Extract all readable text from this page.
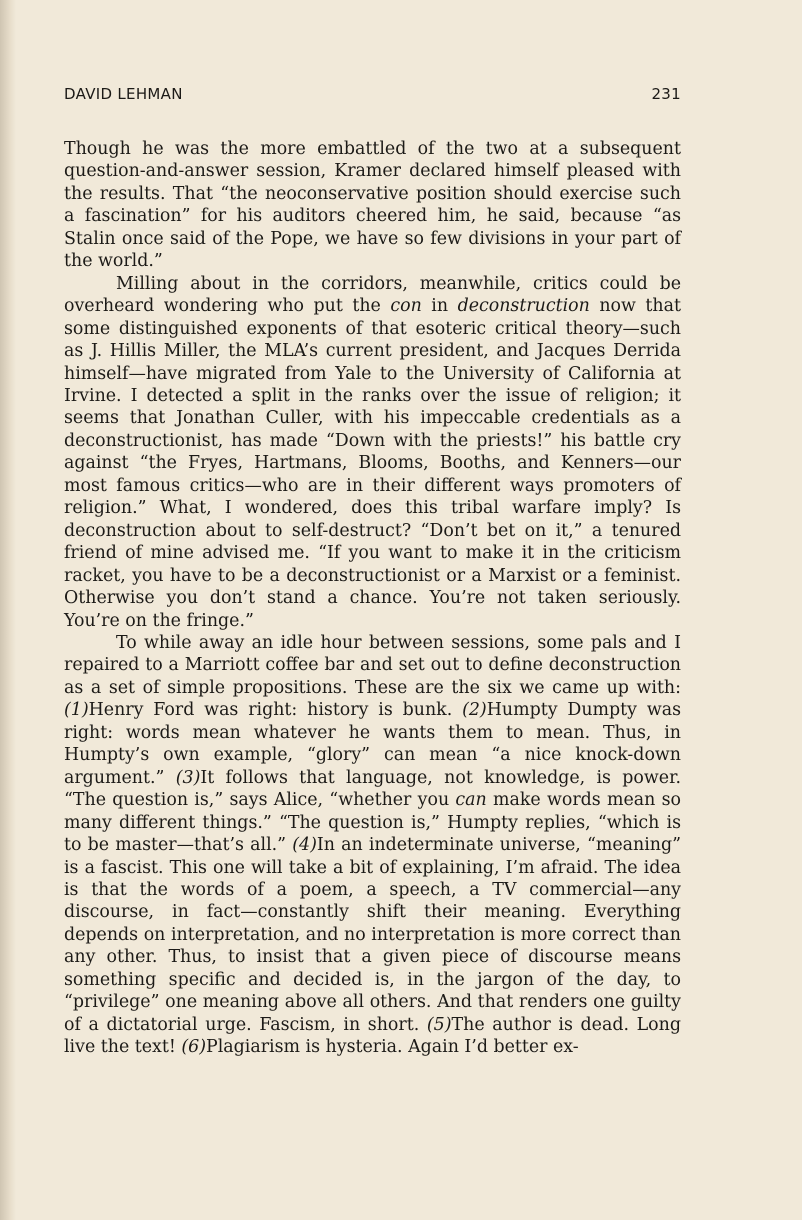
DAVID LEHMAN	231

Though he was the more embattled of the two at a subsequent question-and-answer session, Kramer declared himself pleased with the results. That “the neoconservative position should exercise such a fascination” for his auditors cheered him, he said, because “as Stalin once said of the Pope, we have so few divisions in your part of the world.”

Milling about in the corridors, meanwhile, critics could be overheard wondering who put the con in deconstruction now that some distinguished exponents of that esoteric critical theory—such as J. Hillis Miller, the MLA’s current president, and Jacques Derrida himself—have migrated from Yale to the University of California at Irvine. I detected a split in the ranks over the issue of religion; it seems that Jonathan Culler, with his impeccable credentials as a deconstructionist, has made “Down with the priests!” his battle cry against “the Fryes, Hartmans, Blooms, Booths, and Kenners—our most famous critics—who are in their different ways promoters of religion.” What, I wondered, does this tribal warfare imply? Is deconstruction about to self-destruct? “Don’t bet on it,” a tenured friend of mine advised me. “If you want to make it in the criticism racket, you have to be a deconstructionist or a Marxist or a feminist. Otherwise you don’t stand a chance. You’re not taken seriously. You’re on the fringe.”

To while away an idle hour between sessions, some pals and I repaired to a Marriott coffee bar and set out to define deconstruction as a set of simple propositions. These are the six we came up with: (1)Henry Ford was right: history is bunk. (2)Humpty Dumpty was right: words mean whatever he wants them to mean. Thus, in Humpty’s own example, “glory” can mean “a nice knock-down argument.” (3)It follows that language, not knowledge, is power. “The question is,” says Alice, “whether you can make words mean so many different things.” “The question is,” Humpty replies, “which is to be master—that’s all.” (4)In an indeterminate universe, “meaning” is a fascist. This one will take a bit of explaining, I’m afraid. The idea is that the words of a poem, a speech, a TV commercial—any discourse, in fact—constantly shift their meaning. Everything depends on interpretation, and no interpretation is more correct than any other. Thus, to insist that a given piece of discourse means something specific and decided is, in the jargon of the day, to “privilege” one meaning above all others. And that renders one guilty of a dictatorial urge. Fascism, in short. (5)The author is dead. Long live the text! (6)Plagiarism is hysteria. Again I’d better ex-
